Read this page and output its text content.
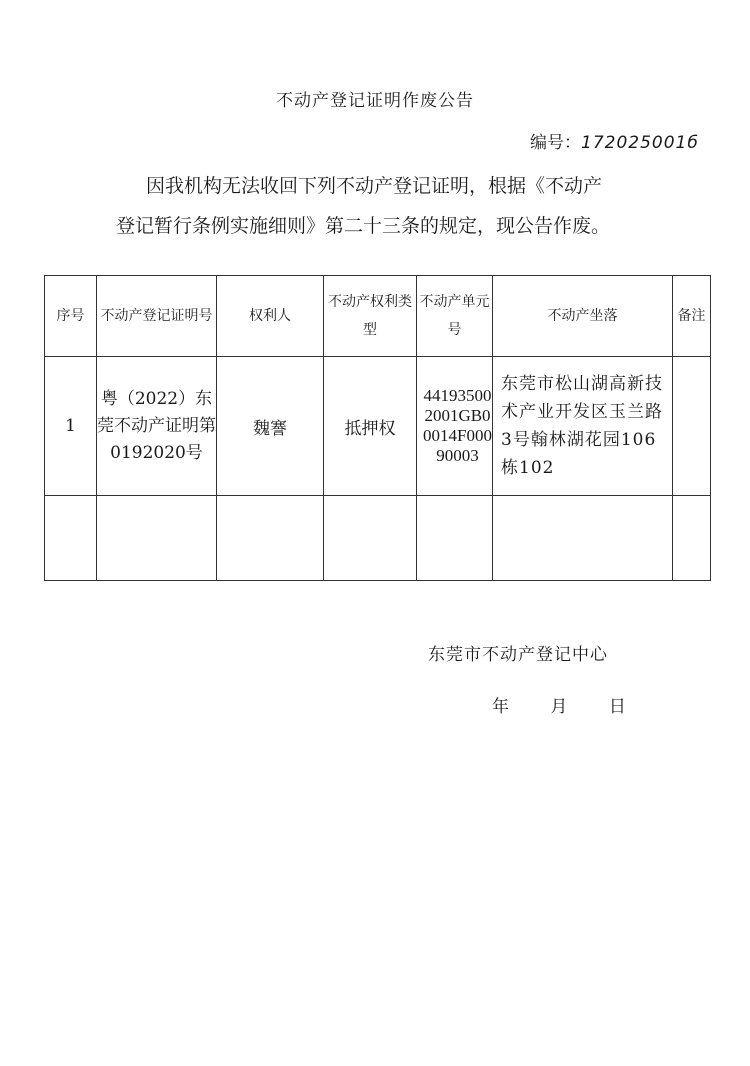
不动产登记证明作废公告
编号：172025001б
因我机构无法收回下列不动产登记证明，根据《不动产
登记暂行条例实施细则》第二十三条的规定，现公告作废。
序号	不动产登记证明号	权利人	不动产权利类型	不动产单元号	不动产坐落	备注
1	粤（2022）东莞不动产证明第0192020号	魏謇	抵押权	441935002001GB00014F00090003	东莞市松山湖高新技术产业开发区玉兰路3号翰林湖花园106栋102	

东莞市不动产登记中心
年 月 日
